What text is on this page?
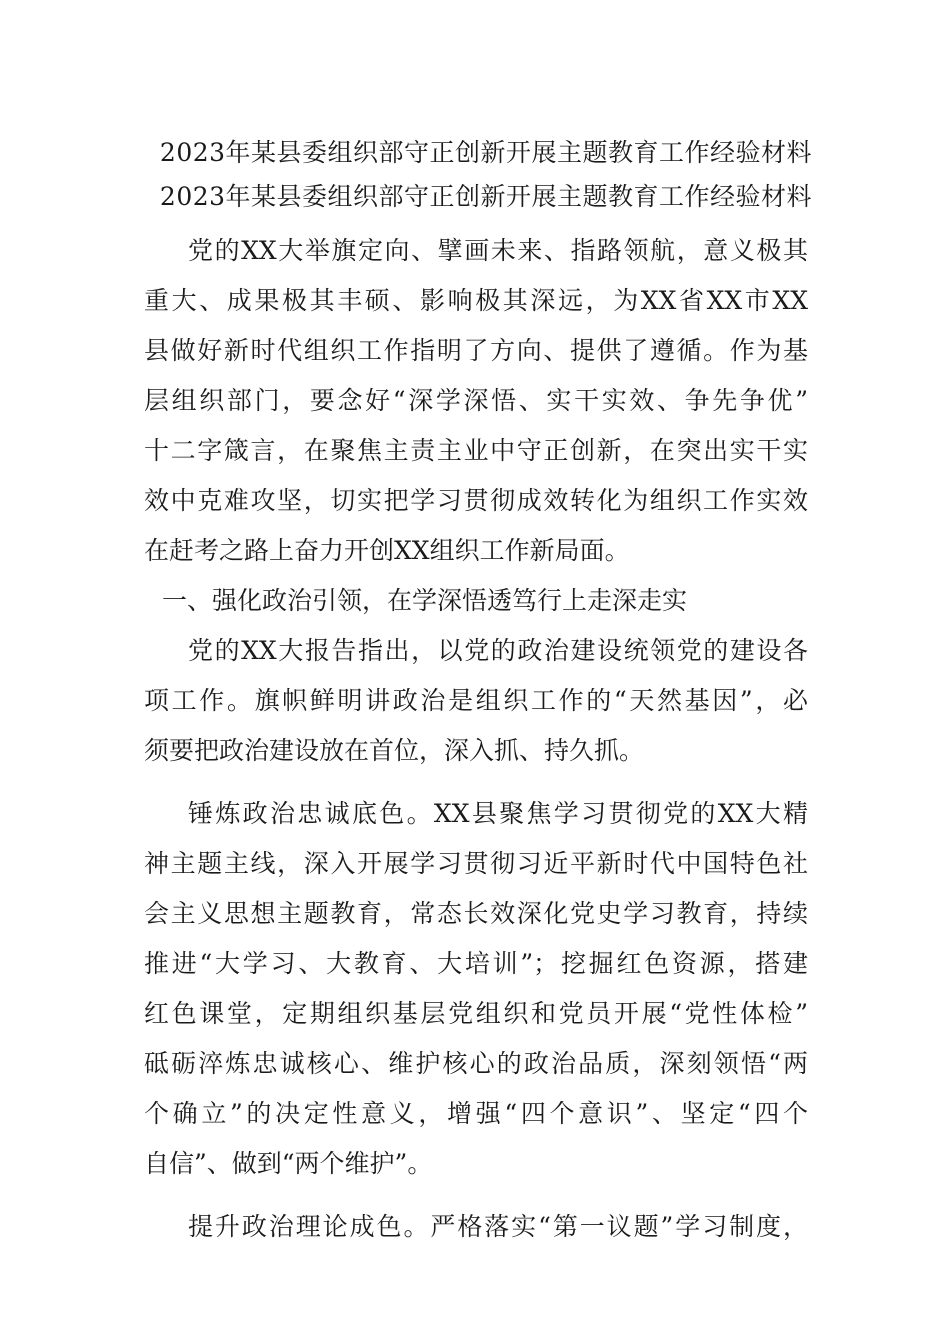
2023年某县委组织部守正创新开展主题教育工作经验材料
2023年某县委组织部守正创新开展主题教育工作经验材料
党的XX大举旗定向、擘画未来、指路领航，意义极其
重大、成果极其丰硕、影响极其深远，为XX省XX市XX
县做好新时代组织工作指明了方向、提供了遵循。作为基
层组织部门，要念好“深学深悟、实干实效、争先争优”
十二字箴言，在聚焦主责主业中守正创新，在突出实干实
效中克难攻坚，切实把学习贯彻成效转化为组织工作实效
在赶考之路上奋力开创XX组织工作新局面。
一、强化政治引领，在学深悟透笃行上走深走实
党的XX大报告指出，以党的政治建设统领党的建设各
项工作。旗帜鲜明讲政治是组织工作的“天然基因”，必
须要把政治建设放在首位，深入抓、持久抓。
锤炼政治忠诚底色。XX县聚焦学习贯彻党的XX大精
神主题主线，深入开展学习贯彻习近平新时代中国特色社
会主义思想主题教育，常态长效深化党史学习教育，持续
推进“大学习、大教育、大培训”；挖掘红色资源，搭建
红色课堂，定期组织基层党组织和党员开展“党性体检”
砥砺淬炼忠诚核心、维护核心的政治品质，深刻领悟“两
个确立”的决定性意义，增强“四个意识”、坚定“四个
自信”、做到“两个维护”。
提升政治理论成色。严格落实“第一议题”学习制度，
